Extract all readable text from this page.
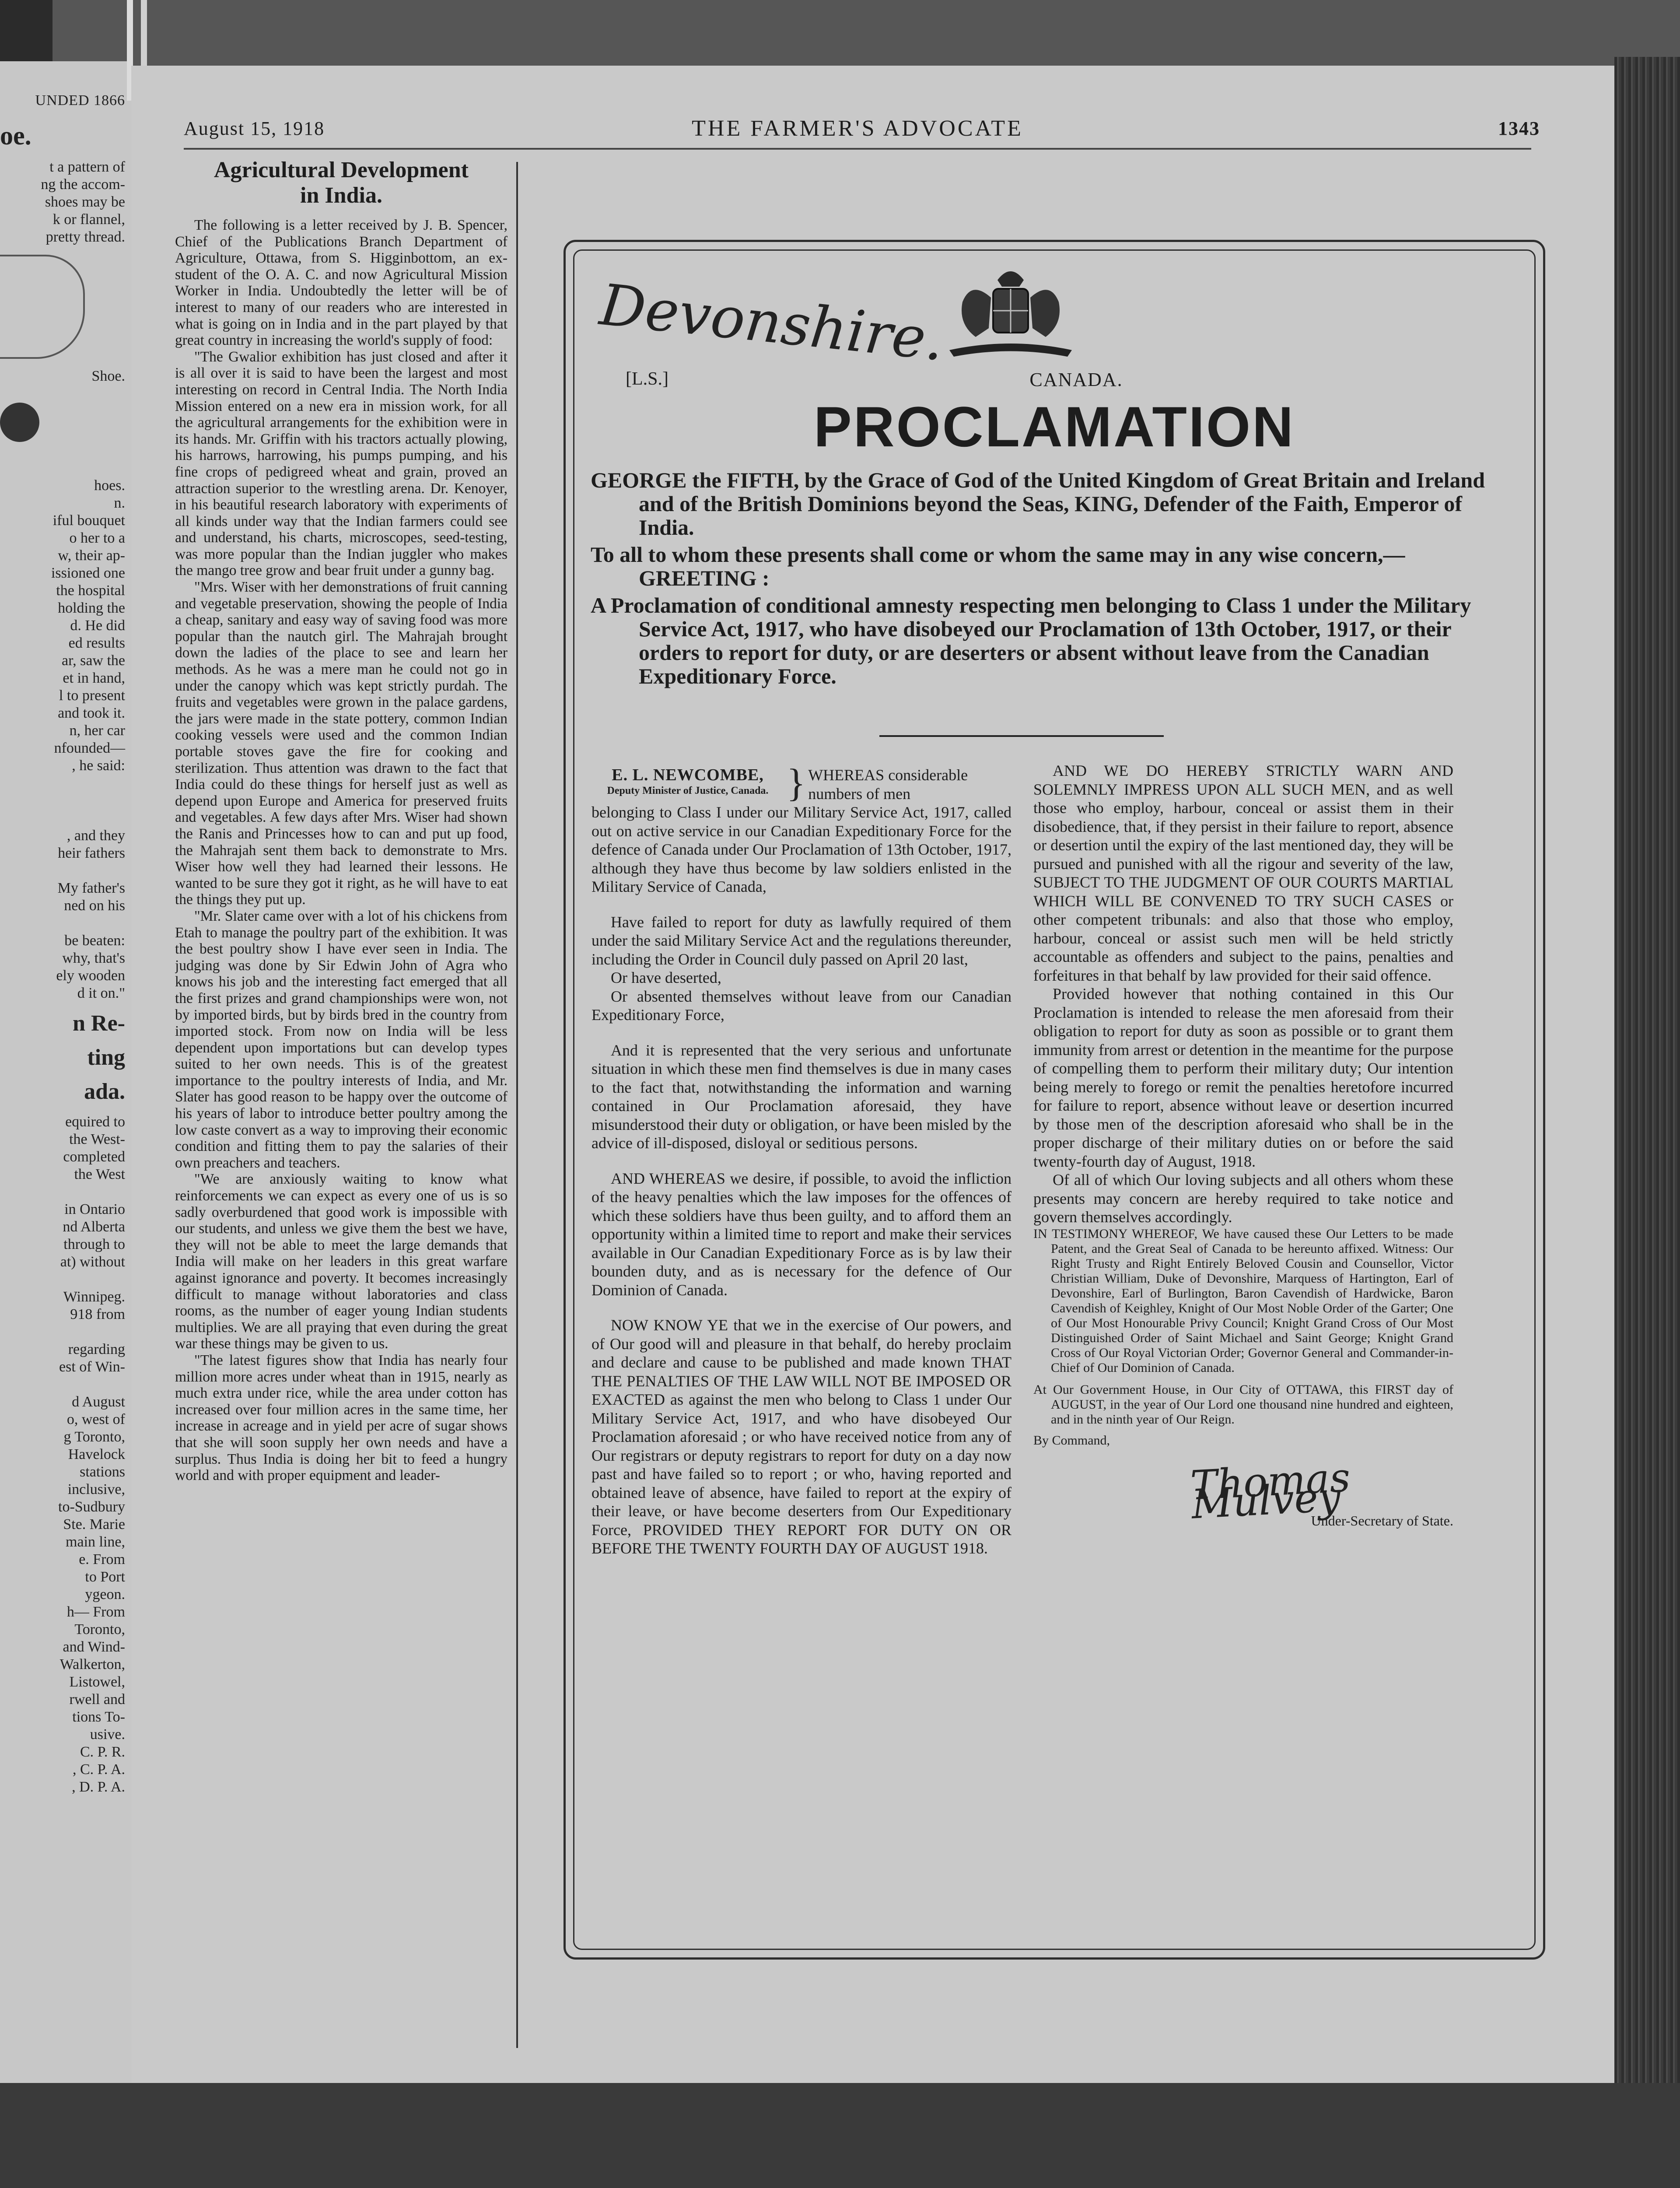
UNDED 1866
oe.
t a pattern of
ng the accom-
shoes may be
k or flannel,
pretty thread.
Shoe.
hoes.
n.
iful bouquet
o her to a
w, their ap-
issioned one
the hospital
holding the
d. He did
ed results
ar, saw the
et in hand,
l to present
and took it.
n, her car
nfounded—
, he said:

, and they
heir fathers

My father's
ned on his

be beaten:
why, that's
ely wooden
d it on."
n Re-
ting
ada.
equired to
the West-
completed
the West

in Ontario
nd Alberta
through to
at) without

Winnipeg.
918 from

regarding
est of Win-

d August
o, west of
g Toronto,
Havelock
stations
inclusive,
to-Sudbury
Ste. Marie
main line,
e. From
to Port
ygeon.
h— From
Toronto,
and Wind-
Walkerton,
Listowel,
rwell and
tions To-
usive.
C. P. R.
, C. P. A.
, D. P. A.
August 15, 1918	THE FARMER'S ADVOCATE	1343
Agricultural Development
in India.

The following is a letter received by J. B. Spencer, Chief of the Publications Branch Department of Agriculture, Ottawa, from S. Higginbottom, an ex-student of the O. A. C. and now Agricultural Mission Worker in India. Undoubtedly the letter will be of interest to many of our readers who are interested in what is going on in India and in the part played by that great country in increasing the world's supply of food:

"The Gwalior exhibition has just closed and after it is all over it is said to have been the largest and most interesting on record in Central India. The North India Mission entered on a new era in mission work, for all the agricultural arrangements for the exhibition were in its hands. Mr. Griffin with his tractors actually plowing, his harrows, harrowing, his pumps pumping, and his fine crops of pedigreed wheat and grain, proved an attraction superior to the wrestling arena. Dr. Kenoyer, in his beautiful research laboratory with experiments of all kinds under way that the Indian farmers could see and understand, his charts, microscopes, seed-testing, was more popular than the Indian juggler who makes the mango tree grow and bear fruit under a gunny bag.

"Mrs. Wiser with her demonstrations of fruit canning and vegetable preservation, showing the people of India a cheap, sanitary and easy way of saving food was more popular than the nautch girl. The Mahrajah brought down the ladies of the place to see and learn her methods. As he was a mere man he could not go in under the canopy which was kept strictly purdah. The fruits and vegetables were grown in the palace gardens, the jars were made in the state pottery, common Indian cooking vessels were used and the common Indian portable stoves gave the fire for cooking and sterilization. Thus attention was drawn to the fact that India could do these things for herself just as well as depend upon Europe and America for preserved fruits and vegetables. A few days after Mrs. Wiser had shown the Ranis and Princesses how to can and put up food, the Mahrajah sent them back to demonstrate to Mrs. Wiser how well they had learned their lessons. He wanted to be sure they got it right, as he will have to eat the things they put up.

"Mr. Slater came over with a lot of his chickens from Etah to manage the poultry part of the exhibition. It was the best poultry show I have ever seen in India. The judging was done by Sir Edwin John of Agra who knows his job and the interesting fact emerged that all the first prizes and grand championships were won, not by imported birds, but by birds bred in the country from imported stock. From now on India will be less dependent upon importations but can develop types suited to her own needs. This is of the greatest importance to the poultry interests of India, and Mr. Slater has good reason to be happy over the outcome of his years of labor to introduce better poultry among the low caste convert as a way to improving their economic condition and fitting them to pay the salaries of their own preachers and teachers.

"We are anxiously waiting to know what reinforcements we can expect as every one of us is so sadly overburdened that good work is impossible with our students, and unless we give them the best we have, they will not be able to meet the large demands that India will make on her leaders in this great warfare against ignorance and poverty. It becomes increasingly difficult to manage without laboratories and class rooms, as the number of eager young Indian students multiplies. We are all praying that even during the great war these things may be given to us.

"The latest figures show that India has nearly four million more acres under wheat than in 1915, nearly as much extra under rice, while the area under cotton has increased over four million acres in the same time, her increase in acreage and in yield per acre of sugar shows that she will soon supply her own needs and have a surplus. Thus India is doing her bit to feed a hungry world and with proper equipment and leader-

Devonshire.
[L.S.]	CANADA.
PROCLAMATION

GEORGE the FIFTH, by the Grace of God of the United Kingdom of Great Britain and Ireland and of the British Dominions beyond the Seas, KING, Defender of the Faith, Emperor of India.

To all to whom these presents shall come or whom the same may in any wise concern,—GREETING :

A Proclamation of conditional amnesty respecting men belonging to Class 1 under the Military Service Act, 1917, who have disobeyed our Proclamation of 13th October, 1917, or their orders to report for duty, or are deserters or absent without leave from the Canadian Expeditionary Force.

E. L. NEWCOMBE,
Deputy Minister of Justice, Canada. } WHEREAS considerable numbers of men

belonging to Class I under our Military Service Act, 1917, called out on active service in our Canadian Expeditionary Force for the defence of Canada under Our Proclamation of 13th October, 1917, although they have thus become by law soldiers enlisted in the Military Service of Canada,

Have failed to report for duty as lawfully required of them under the said Military Service Act and the regulations thereunder, including the Order in Council duly passed on April 20 last,

Or have deserted,

Or absented themselves without leave from our Canadian Expeditionary Force,

And it is represented that the very serious and unfortunate situation in which these men find themselves is due in many cases to the fact that, notwithstanding the information and warning contained in Our Proclamation aforesaid, they have misunderstood their duty or obligation, or have been misled by the advice of ill-disposed, disloyal or seditious persons.

AND WHEREAS we desire, if possible, to avoid the infliction of the heavy penalties which the law imposes for the offences of which these soldiers have thus been guilty, and to afford them an opportunity within a limited time to report and make their services available in Our Canadian Expeditionary Force as is by law their bounden duty, and as is necessary for the defence of Our Dominion of Canada.

NOW KNOW YE that we in the exercise of Our powers, and of Our good will and pleasure in that behalf, do hereby proclaim and declare and cause to be published and made known THAT THE PENALTIES OF THE LAW WILL NOT BE IMPOSED OR EXACTED as against the men who belong to Class 1 under Our Military Service Act, 1917, and who have disobeyed Our Proclamation aforesaid ; or who have received notice from any of Our registrars or deputy registrars to report for duty on a day now past and have failed so to report ; or who, having reported and obtained leave of absence, have failed to report at the expiry of their leave, or have become deserters from Our Expeditionary Force, PROVIDED THEY REPORT FOR DUTY ON OR BEFORE THE TWENTY FOURTH DAY OF AUGUST 1918.

AND WE DO HEREBY STRICTLY WARN AND SOLEMNLY IMPRESS UPON ALL SUCH MEN, and as well those who employ, harbour, conceal or assist them in their disobedience, that, if they persist in their failure to report, absence or desertion until the expiry of the last mentioned day, they will be pursued and punished with all the rigour and severity of the law, SUBJECT TO THE JUDGMENT OF OUR COURTS MARTIAL WHICH WILL BE CONVENED TO TRY SUCH CASES or other competent tribunals: and also that those who employ, harbour, conceal or assist such men will be held strictly accountable as offenders and subject to the pains, penalties and forfeitures in that behalf by law provided for their said offence.

Provided however that nothing contained in this Our Proclamation is intended to release the men aforesaid from their obligation to report for duty as soon as possible or to grant them immunity from arrest or detention in the meantime for the purpose of compelling them to perform their military duty; Our intention being merely to forego or remit the penalties heretofore incurred for failure to report, absence without leave or desertion incurred by those men of the description aforesaid who shall be in the proper discharge of their military duties on or before the said twenty-fourth day of August, 1918.

Of all of which Our loving subjects and all others whom these presents may concern are hereby required to take notice and govern themselves accordingly.

IN TESTIMONY WHEREOF, We have caused these Our Letters to be made Patent, and the Great Seal of Canada to be hereunto affixed. Witness: Our Right Trusty and Right Entirely Beloved Cousin and Counsellor, Victor Christian William, Duke of Devonshire, Marquess of Hartington, Earl of Devonshire, Earl of Burlington, Baron Cavendish of Hardwicke, Baron Cavendish of Keighley, Knight of Our Most Noble Order of the Garter; One of Our Most Honourable Privy Council; Knight Grand Cross of Our Most Distinguished Order of Saint Michael and Saint George; Knight Grand Cross of Our Royal Victorian Order; Governor General and Commander-in-Chief of Our Dominion of Canada.

At Our Government House, in Our City of OTTAWA, this FIRST day of AUGUST, in the year of Our Lord one thousand nine hundred and eighteen, and in the ninth year of Our Reign.

By Command,

Thomas Mulvey
Under-Secretary of State.
